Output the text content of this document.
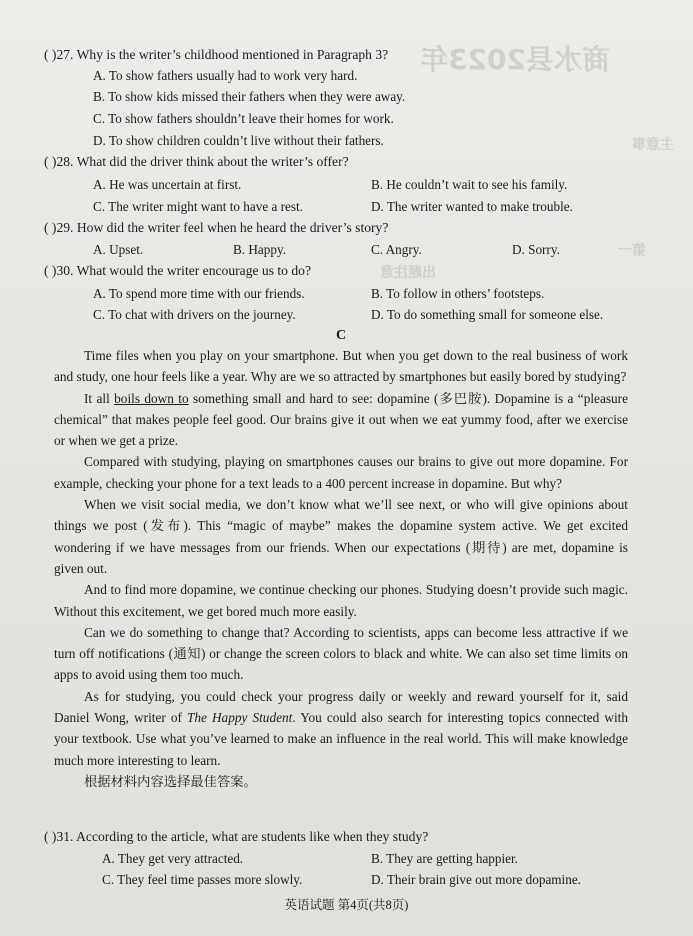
商水县2023年
主意事
出题注意
第一
( )27. Why is the writer’s childhood mentioned in Paragraph 3?
A. To show fathers usually had to work very hard.
B. To show kids missed their fathers when they were away.
C. To show fathers shouldn’t leave their homes for work.
D. To show children couldn’t live without their fathers.
( )28. What did the driver think about the writer’s offer?
A. He was uncertain at first.	B. He couldn’t wait to see his family.
C. The writer might want to have a rest.	D. The writer wanted to make trouble.
( )29. How did the writer feel when he heard the driver’s story?
A. Upset.	B. Happy.	C. Angry.	D. Sorry.
( )30. What would the writer encourage us to do?
A. To spend more time with our friends.	B. To follow in others’ footsteps.
C. To chat with drivers on the journey.	D. To do something small for someone else.
C

Time files when you play on your smartphone. But when you get down to the real business of work and study, one hour feels like a year. Why are we so attracted by smartphones but easily bored by studying?

It all boils down to something small and hard to see: dopamine (多巴胺). Dopamine is a “pleasure chemical” that makes people feel good. Our brains give it out when we eat yummy food, after we exercise or when we get a prize.

Compared with studying, playing on smartphones causes our brains to give out more dopamine. For example, checking your phone for a text leads to a 400 percent increase in dopamine. But why?

When we visit social media, we don’t know what we’ll see next, or who will give opinions about things we post (发布). This “magic of maybe” makes the dopamine system active. We get excited wondering if we have messages from our friends. When our expectations (期待) are met, dopamine is given out.

And to find more dopamine, we continue checking our phones. Studying doesn’t provide such magic. Without this excitement, we get bored much more easily.

Can we do something to change that? According to scientists, apps can become less attractive if we turn off notifications (通知) or change the screen colors to black and white. We can also set time limits on apps to avoid using them too much.

As for studying, you could check your progress daily or weekly and reward yourself for it, said Daniel Wong, writer of The Happy Student. You could also search for interesting topics connected with your textbook. Use what you’ve learned to make an influence in the real world. This will make knowledge much more interesting to learn.

根据材料内容选择最佳答案。

( )31. According to the article, what are students like when they study?
A. They get very attracted.	B. They are getting happier.
C. They feel time passes more slowly.	D. Their brain give out more dopamine.
英语试题 第4页(共8页)
